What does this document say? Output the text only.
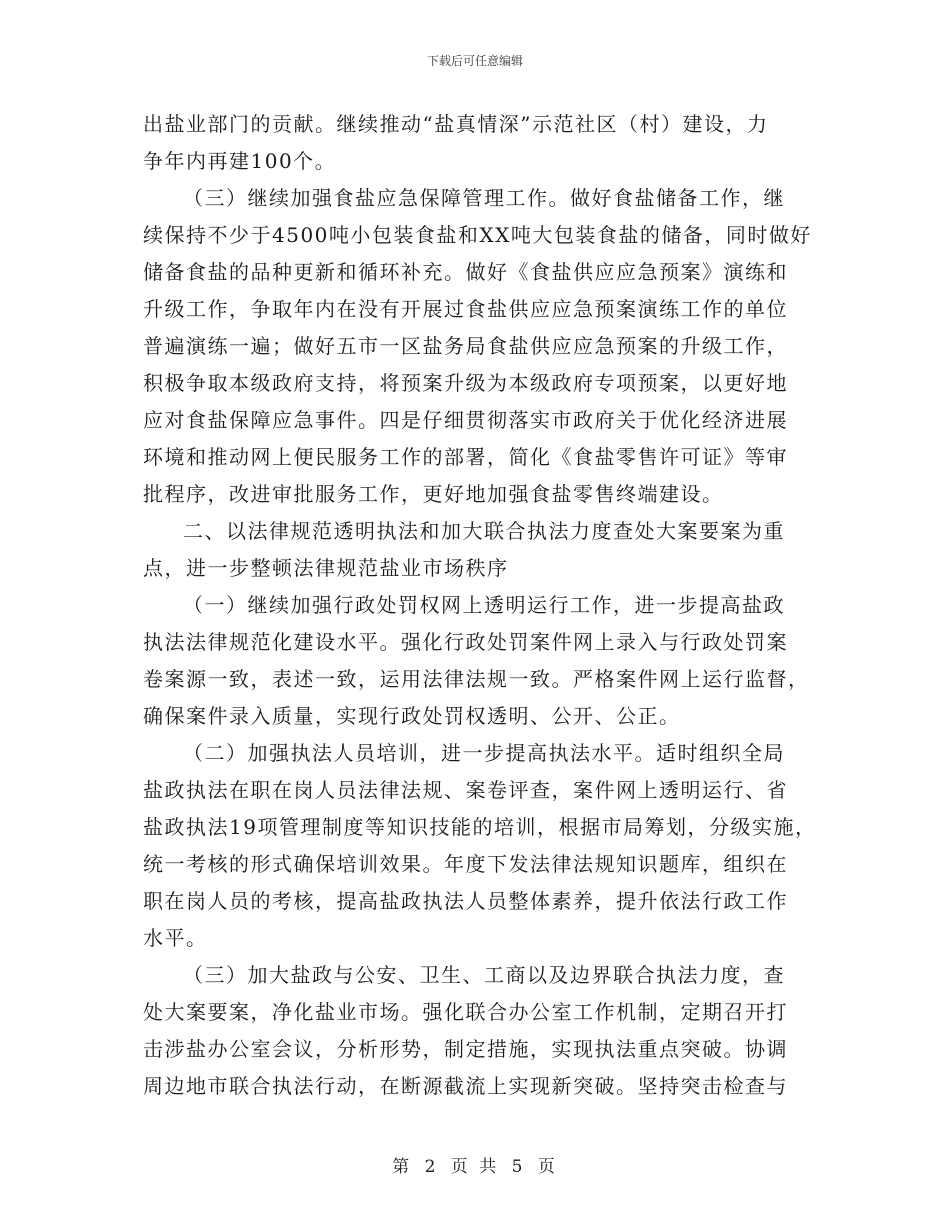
下载后可任意编辑
出盐业部门的贡献。继续推动“盐真情深”示范社区（村）建设，力
争年内再建100个。
（三）继续加强食盐应急保障管理工作。做好食盐储备工作，继
续保持不少于4500吨小包装食盐和XX吨大包装食盐的储备，同时做好
储备食盐的品种更新和循环补充。做好《食盐供应应急预案》演练和
升级工作，争取年内在没有开展过食盐供应应急预案演练工作的单位
普遍演练一遍；做好五市一区盐务局食盐供应应急预案的升级工作，
积极争取本级政府支持，将预案升级为本级政府专项预案，以更好地
应对食盐保障应急事件。四是仔细贯彻落实市政府关于优化经济进展
环境和推动网上便民服务工作的部署，简化《食盐零售许可证》等审
批程序，改进审批服务工作，更好地加强食盐零售终端建设。
二、以法律规范透明执法和加大联合执法力度查处大案要案为重
点，进一步整顿法律规范盐业市场秩序
（一）继续加强行政处罚权网上透明运行工作，进一步提高盐政
执法法律规范化建设水平。强化行政处罚案件网上录入与行政处罚案
卷案源一致，表述一致，运用法律法规一致。严格案件网上运行监督，
确保案件录入质量，实现行政处罚权透明、公开、公正。
（二）加强执法人员培训，进一步提高执法水平。适时组织全局
盐政执法在职在岗人员法律法规、案卷评查，案件网上透明运行、省
盐政执法19项管理制度等知识技能的培训，根据市局筹划，分级实施，
统一考核的形式确保培训效果。年度下发法律法规知识题库，组织在
职在岗人员的考核，提高盐政执法人员整体素养，提升依法行政工作
水平。
（三）加大盐政与公安、卫生、工商以及边界联合执法力度，查
处大案要案，净化盐业市场。强化联合办公室工作机制，定期召开打
击涉盐办公室会议，分析形势，制定措施，实现执法重点突破。协调
周边地市联合执法行动，在断源截流上实现新突破。坚持突击检查与
第 2 页 共 5 页
